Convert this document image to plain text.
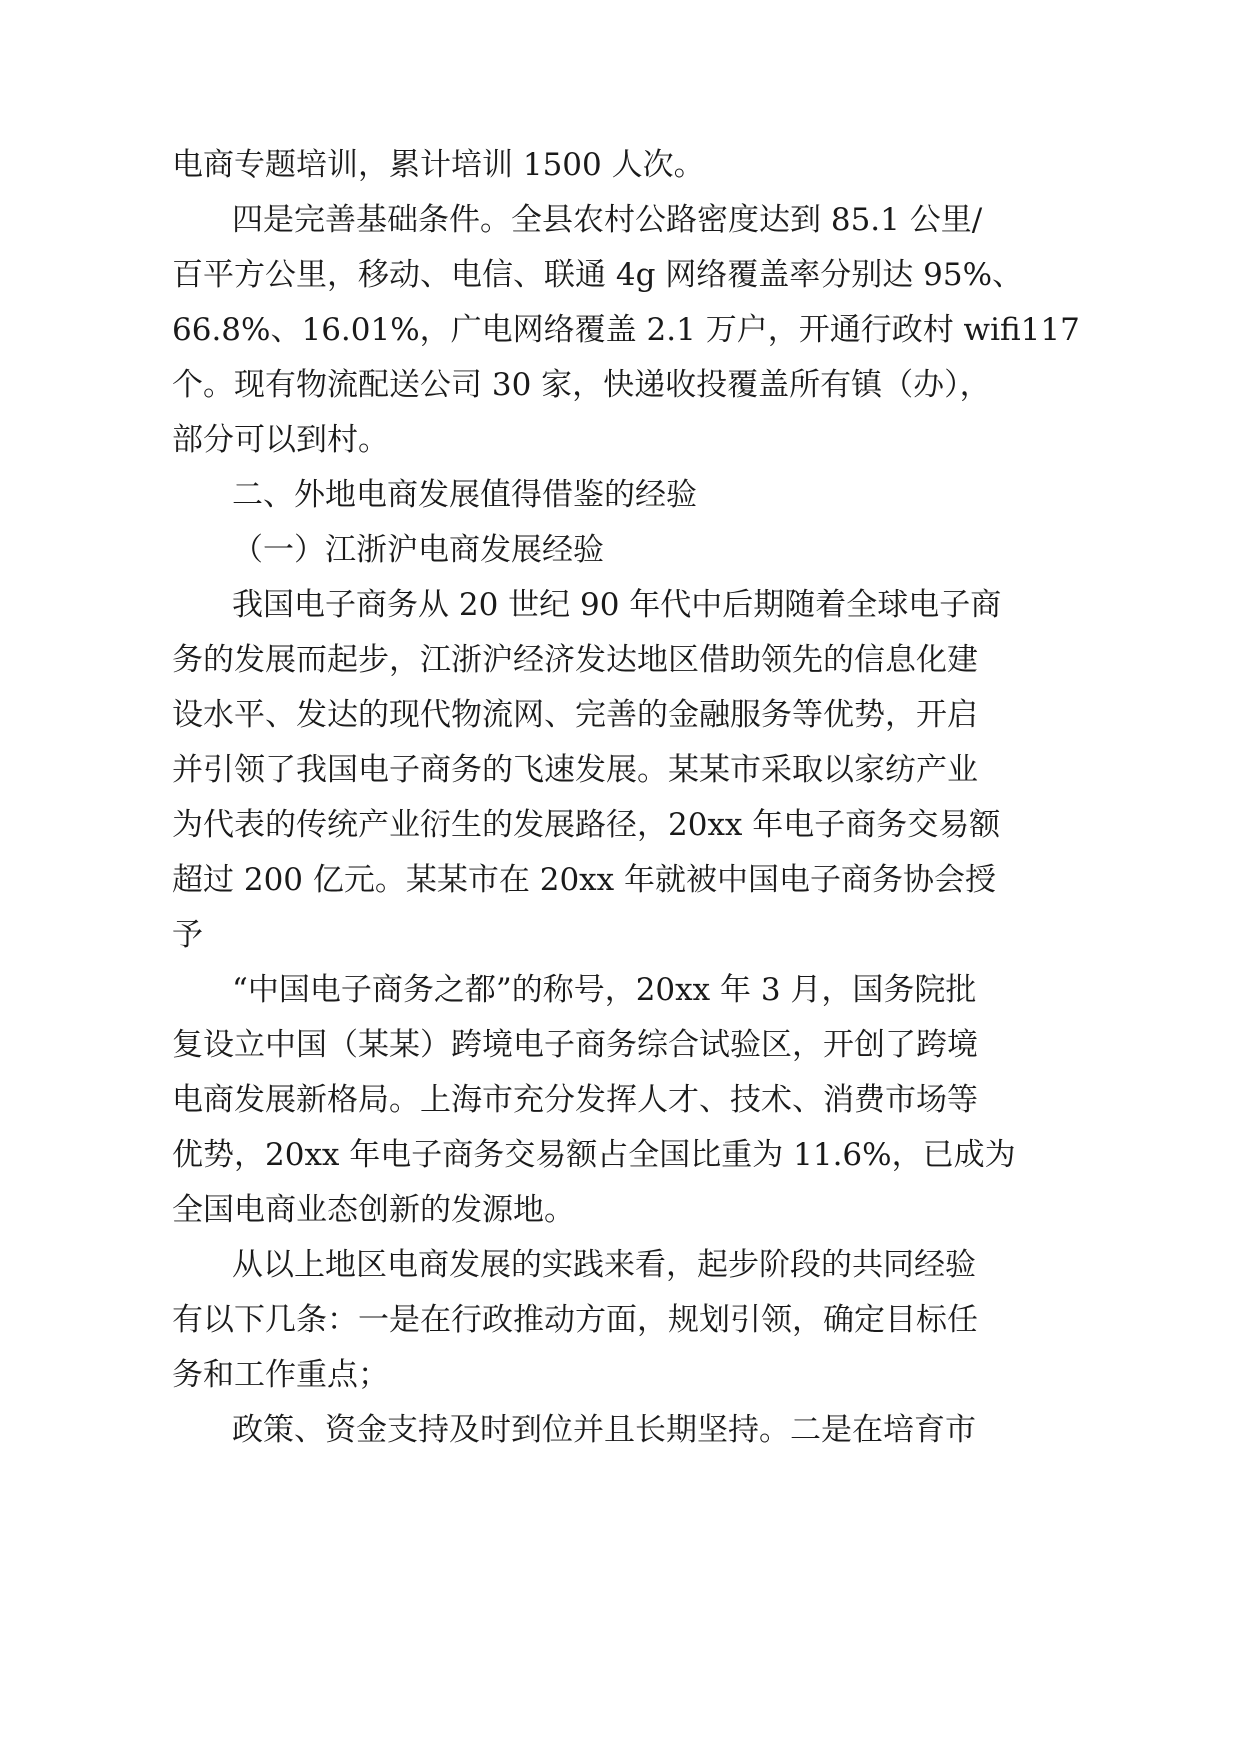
电商专题培训，累计培训 1500 人次。

四是完善基础条件。全县农村公路密度达到 85.1 公里/

百平方公里，移动、电信、联通 4g 网络覆盖率分别达 95%、

66.8%、16.01%，广电网络覆盖 2.1 万户，开通行政村 wifi117

个。现有物流配送公司 30 家，快递收投覆盖所有镇（办），

部分可以到村。

二、外地电商发展值得借鉴的经验

（一）江浙沪电商发展经验

我国电子商务从 20 世纪 90 年代中后期随着全球电子商

务的发展而起步，江浙沪经济发达地区借助领先的信息化建

设水平、发达的现代物流网、完善的金融服务等优势，开启

并引领了我国电子商务的飞速发展。某某市采取以家纺产业

为代表的传统产业衍生的发展路径，20xx 年电子商务交易额

超过 200 亿元。某某市在 20xx 年就被中国电子商务协会授

予

“中国电子商务之都”的称号，20xx 年 3 月，国务院批

复设立中国（某某）跨境电子商务综合试验区，开创了跨境

电商发展新格局。上海市充分发挥人才、技术、消费市场等

优势，20xx 年电子商务交易额占全国比重为 11.6%，已成为

全国电商业态创新的发源地。

从以上地区电商发展的实践来看，起步阶段的共同经验

有以下几条：一是在行政推动方面，规划引领，确定目标任

务和工作重点；

政策、资金支持及时到位并且长期坚持。二是在培育市
